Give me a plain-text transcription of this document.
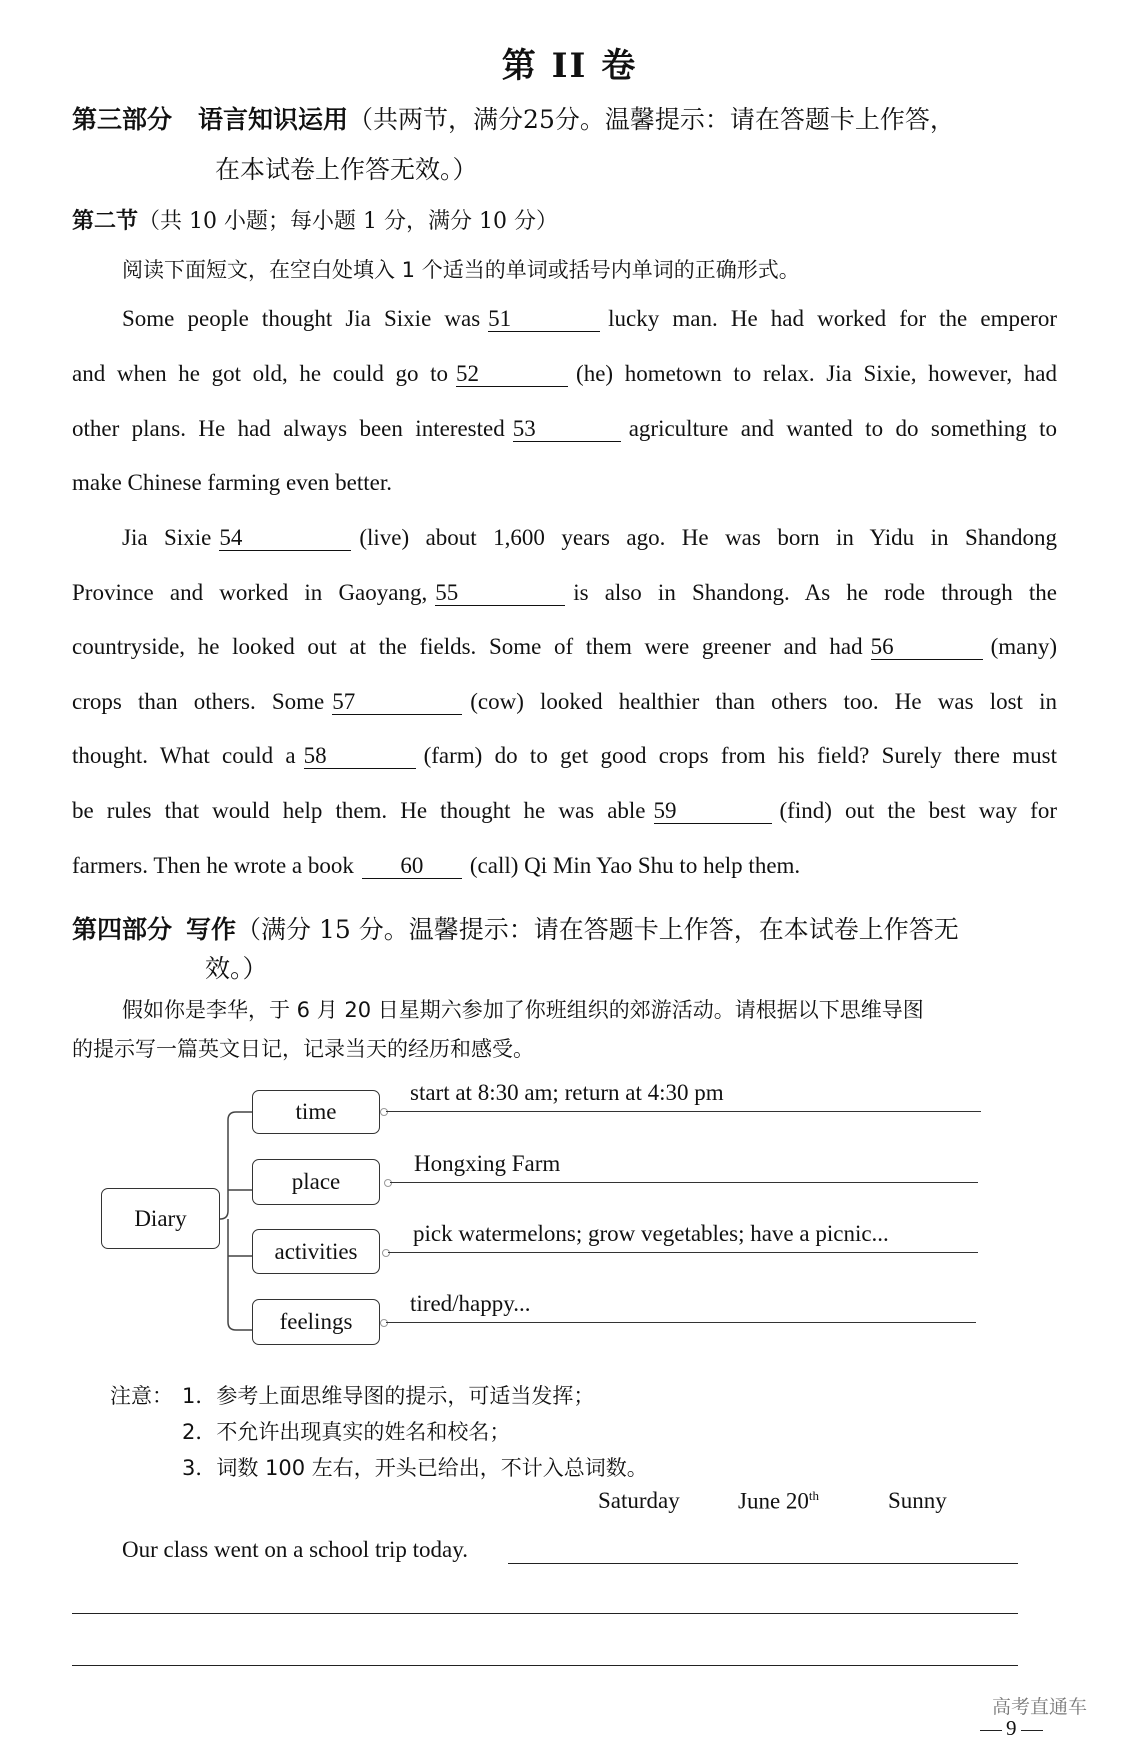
第 II 卷
第三部分 语言知识运用（共两节，满分25分。温馨提示：请在答题卡上作答，
在本试卷上作答无效。）
第二节（共 10 小题；每小题 1 分，满分 10 分）
阅读下面短文，在空白处填入 1 个适当的单词或括号内单词的正确形式。
Some people thought Jia Sixie was 51	lucky man. He had worked for the emperor
and when he got old, he could go to 52	(he) hometown to relax. Jia Sixie, however, had
other plans. He had always been interested 53	agriculture and wanted to do something to
make Chinese farming even better.
Jia Sixie 54	(live) about 1,600 years ago. He was born in Yidu in Shandong
Province and worked in Gaoyang, 55	is also in Shandong. As he rode through the
countryside, he looked out at the fields. Some of them were greener and had 56	(many)
crops than others. Some 57	(cow) looked healthier than others too. He was lost in
thought. What could a 58	(farm) do to get good crops from his field? Surely there must
be rules that would help them. He thought he was able 59	(find) out the best way for
farmers. Then he wrote a book 60 (call) Qi Min Yao Shu to help them.
第四部分 写作（满分 15 分。温馨提示：请在答题卡上作答，在本试卷上作答无
效。）
假如你是李华，于 6 月 20 日星期六参加了你班组织的郊游活动。请根据以下思维导图
的提示写一篇英文日记，记录当天的经历和感受。
Diary
time
place
activities
feelings
start at 8:30 am; return at 4:30 pm
Hongxing Farm
pick watermelons; grow vegetables; have a picnic...
tired/happy...
注意： 1．参考上面思维导图的提示，可适当发挥；
2．不允许出现真实的姓名和校名；
3．词数 100 左右，开头已给出，不计入总词数。
Saturday	June 20th	Sunny
Our class went on a school trip today.
高考直通车
9
